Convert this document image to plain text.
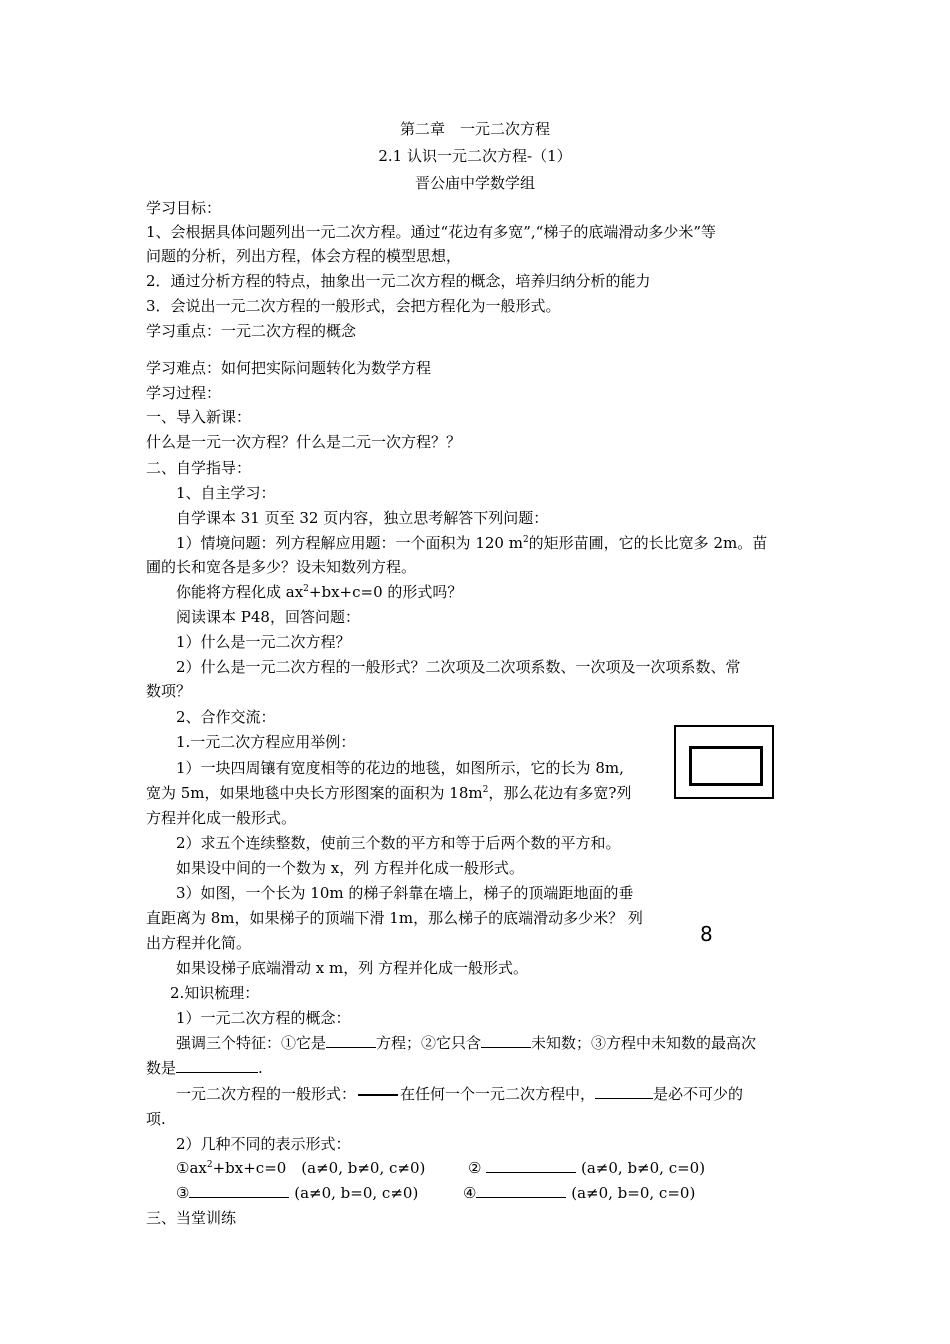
第二章　一元二次方程
2.1 认识一元二次方程-（1）
晋公庙中学数学组
学习目标：
1、会根据具体问题列出一元二次方程。通过“花边有多宽”,“梯子的底端滑动多少米”等
问题的分析，列出方程，体会方程的模型思想，
2．通过分析方程的特点，抽象出一元二次方程的概念，培养归纳分析的能力
3．会说出一元二次方程的一般形式，会把方程化为一般形式。
学习重点：一元二次方程的概念
学习难点：如何把实际问题转化为数学方程
学习过程：
一、导入新课：
什么是一元一次方程？什么是二元一次方程？？
二、自学指导：
1、自主学习：
自学课本 31 页至 32 页内容，独立思考解答下列问题：
1）情境问题：列方程解应用题：一个面积为 120 $m^2$的矩形苗圃，它的长比宽多 2m。苗
圃的长和宽各是多少？设未知数列方程。
你能将方程化成 $ax^2+bx+c=0$ 的形式吗？
阅读课本 P48，回答问题：
1）什么是一元二次方程？
2）什么是一元二次方程的一般形式？二次项及二次项系数、一次项及一次项系数、常
数项？
2、合作交流：
1.一元二次方程应用举例：
1）一块四周镶有宽度相等的花边的地毯，如图所示，它的长为 8m,
宽为 5m，如果地毯中央长方形图案的面积为 $18m^2$，那么花边有多宽?列
方程并化成一般形式。
2）求五个连续整数，使前三个数的平方和等于后两个数的平方和。
如果设中间的一个数为 x，列 方程并化成一般形式。
3）如图，一个长为 10m 的梯子斜靠在墙上，梯子的顶端距地面的垂
直距离为 8m，如果梯子的顶端下滑 1m，那么梯子的底端滑动多少米？ 列
出方程并化简。	8
如果设梯子底端滑动 x m，列 方程并化成一般形式。
2.知识梳理：
1）一元二次方程的概念：
强调三个特征：①它是	方程；②它只含	未知数；③方程中未知数的最高次
数是	.
一元二次方程的一般形式：	在任何一个一元二次方程中，	是必不可少的
项.
2）几种不同的表示形式：
$①ax^2+bx+c=0$　(a≠0, b≠0, c≠0)	②	(a≠0, b≠0, c=0)
③	(a≠0, b=0, c≠0)	④	(a≠0, b=0, c=0)
三、当堂训练
